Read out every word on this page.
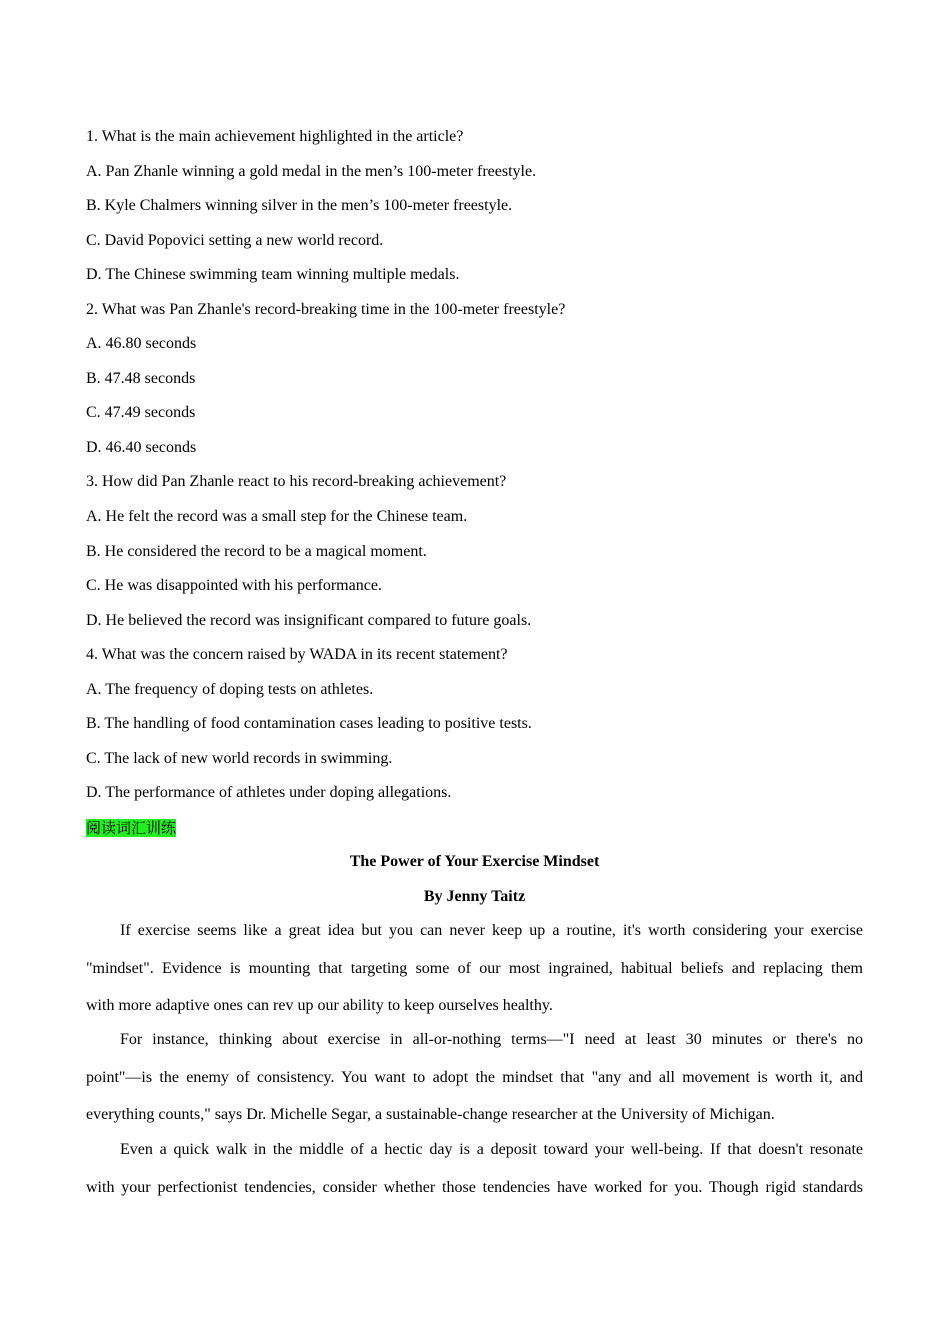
1. What is the main achievement highlighted in the article?
A. Pan Zhanle winning a gold medal in the men’s 100-meter freestyle.
B. Kyle Chalmers winning silver in the men’s 100-meter freestyle.
C. David Popovici setting a new world record.
D. The Chinese swimming team winning multiple medals.
2. What was Pan Zhanle's record-breaking time in the 100-meter freestyle?
A. 46.80 seconds
B. 47.48 seconds
C. 47.49 seconds
D. 46.40 seconds
3. How did Pan Zhanle react to his record-breaking achievement?
A. He felt the record was a small step for the Chinese team.
B. He considered the record to be a magical moment.
C. He was disappointed with his performance.
D. He believed the record was insignificant compared to future goals.
4. What was the concern raised by WADA in its recent statement?
A. The frequency of doping tests on athletes.
B. The handling of food contamination cases leading to positive tests.
C. The lack of new world records in swimming.
D. The performance of athletes under doping allegations.
阅读词汇训练
The Power of Your Exercise Mindset
By Jenny Taitz
If exercise seems like a great idea but you can never keep up a routine, it's worth considering your exercise
"mindset". Evidence is mounting that targeting some of our most ingrained, habitual beliefs and replacing them
with more adaptive ones can rev up our ability to keep ourselves healthy.
For instance, thinking about exercise in all-or-nothing terms—"I need at least 30 minutes or there's no
point"—is the enemy of consistency. You want to adopt the mindset that "any and all movement is worth it, and
everything counts," says Dr. Michelle Segar, a sustainable-change researcher at the University of Michigan.
Even a quick walk in the middle of a hectic day is a deposit toward your well-being. If that doesn't resonate
with your perfectionist tendencies, consider whether those tendencies have worked for you. Though rigid standards
